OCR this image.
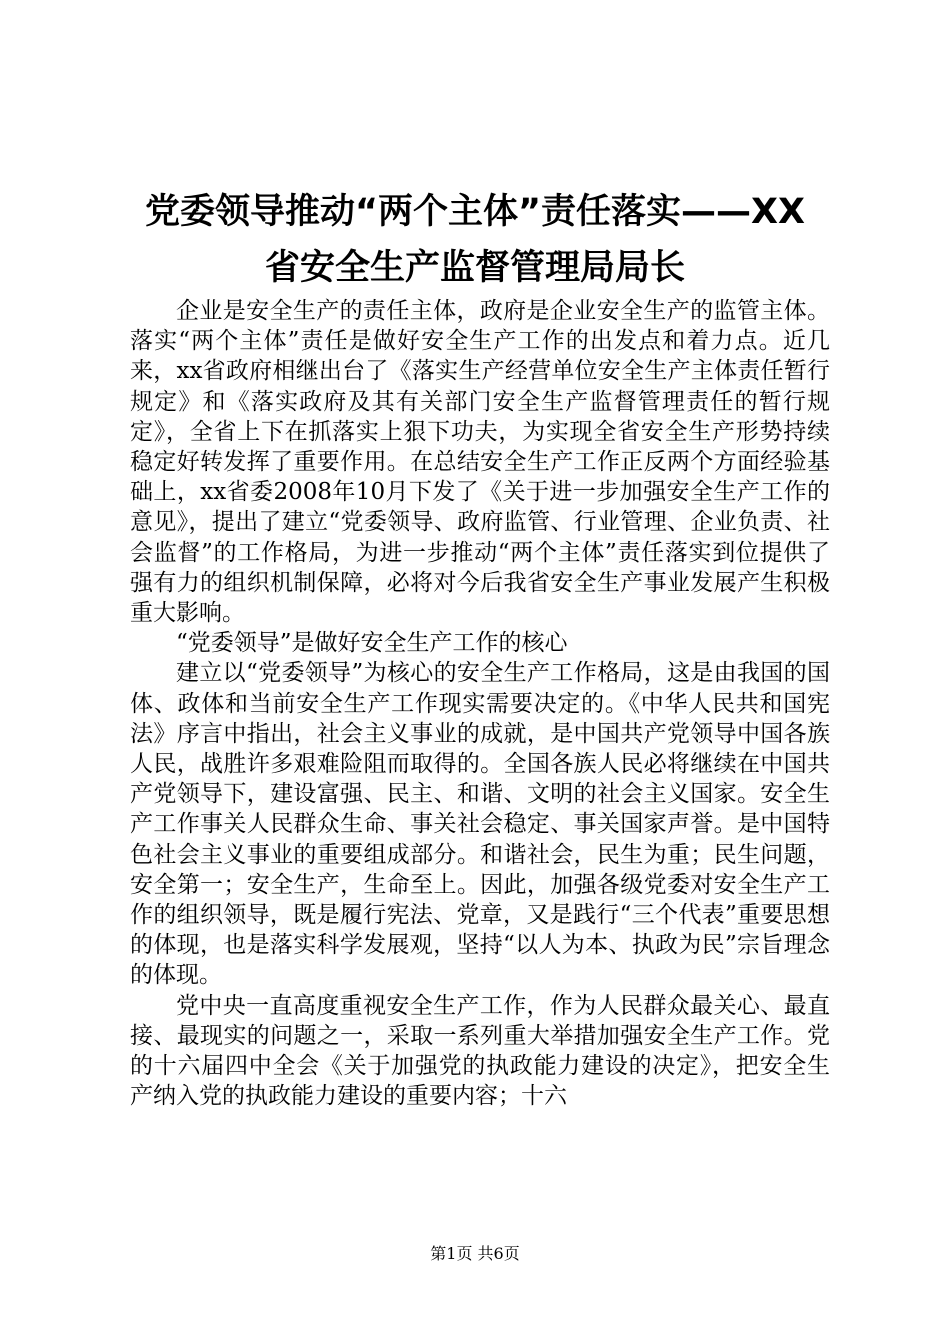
党委领导推动“两个主体”责任落实——XX
省安全生产监督管理局局长

企业是安全生产的责任主体，政府是企业安全生产的监管主体。落实“两个主体”责任是做好安全生产工作的出发点和着力点。近几来，xx省政府相继出台了《落实生产经营单位安全生产主体责任暂行规定》和《落实政府及其有关部门安全生产监督管理责任的暂行规定》，全省上下在抓落实上狠下功夫，为实现全省安全生产形势持续稳定好转发挥了重要作用。在总结安全生产工作正反两个方面经验基础上，xx省委2008年10月下发了《关于进一步加强安全生产工作的意见》，提出了建立“党委领导、政府监管、行业管理、企业负责、社会监督”的工作格局，为进一步推动“两个主体”责任落实到位提供了强有力的组织机制保障，必将对今后我省安全生产事业发展产生积极重大影响。

“党委领导”是做好安全生产工作的核心

建立以“党委领导”为核心的安全生产工作格局，这是由我国的国体、政体和当前安全生产工作现实需要决定的。《中华人民共和国宪法》序言中指出，社会主义事业的成就，是中国共产党领导中国各族人民，战胜许多艰难险阻而取得的。全国各族人民必将继续在中国共产党领导下，建设富强、民主、和谐、文明的社会主义国家。安全生产工作事关人民群众生命、事关社会稳定、事关国家声誉。是中国特色社会主义事业的重要组成部分。和谐社会，民生为重；民生问题，安全第一；安全生产，生命至上。因此，加强各级党委对安全生产工作的组织领导，既是履行宪法、党章，又是践行“三个代表”重要思想的体现，也是落实科学发展观，坚持“以人为本、执政为民”宗旨理念的体现。

党中央一直高度重视安全生产工作，作为人民群众最关心、最直接、最现实的问题之一，采取一系列重大举措加强安全生产工作。党的十六届四中全会《关于加强党的执政能力建设的决定》，把安全生产纳入党的执政能力建设的重要内容；十六

第1页 共6页
